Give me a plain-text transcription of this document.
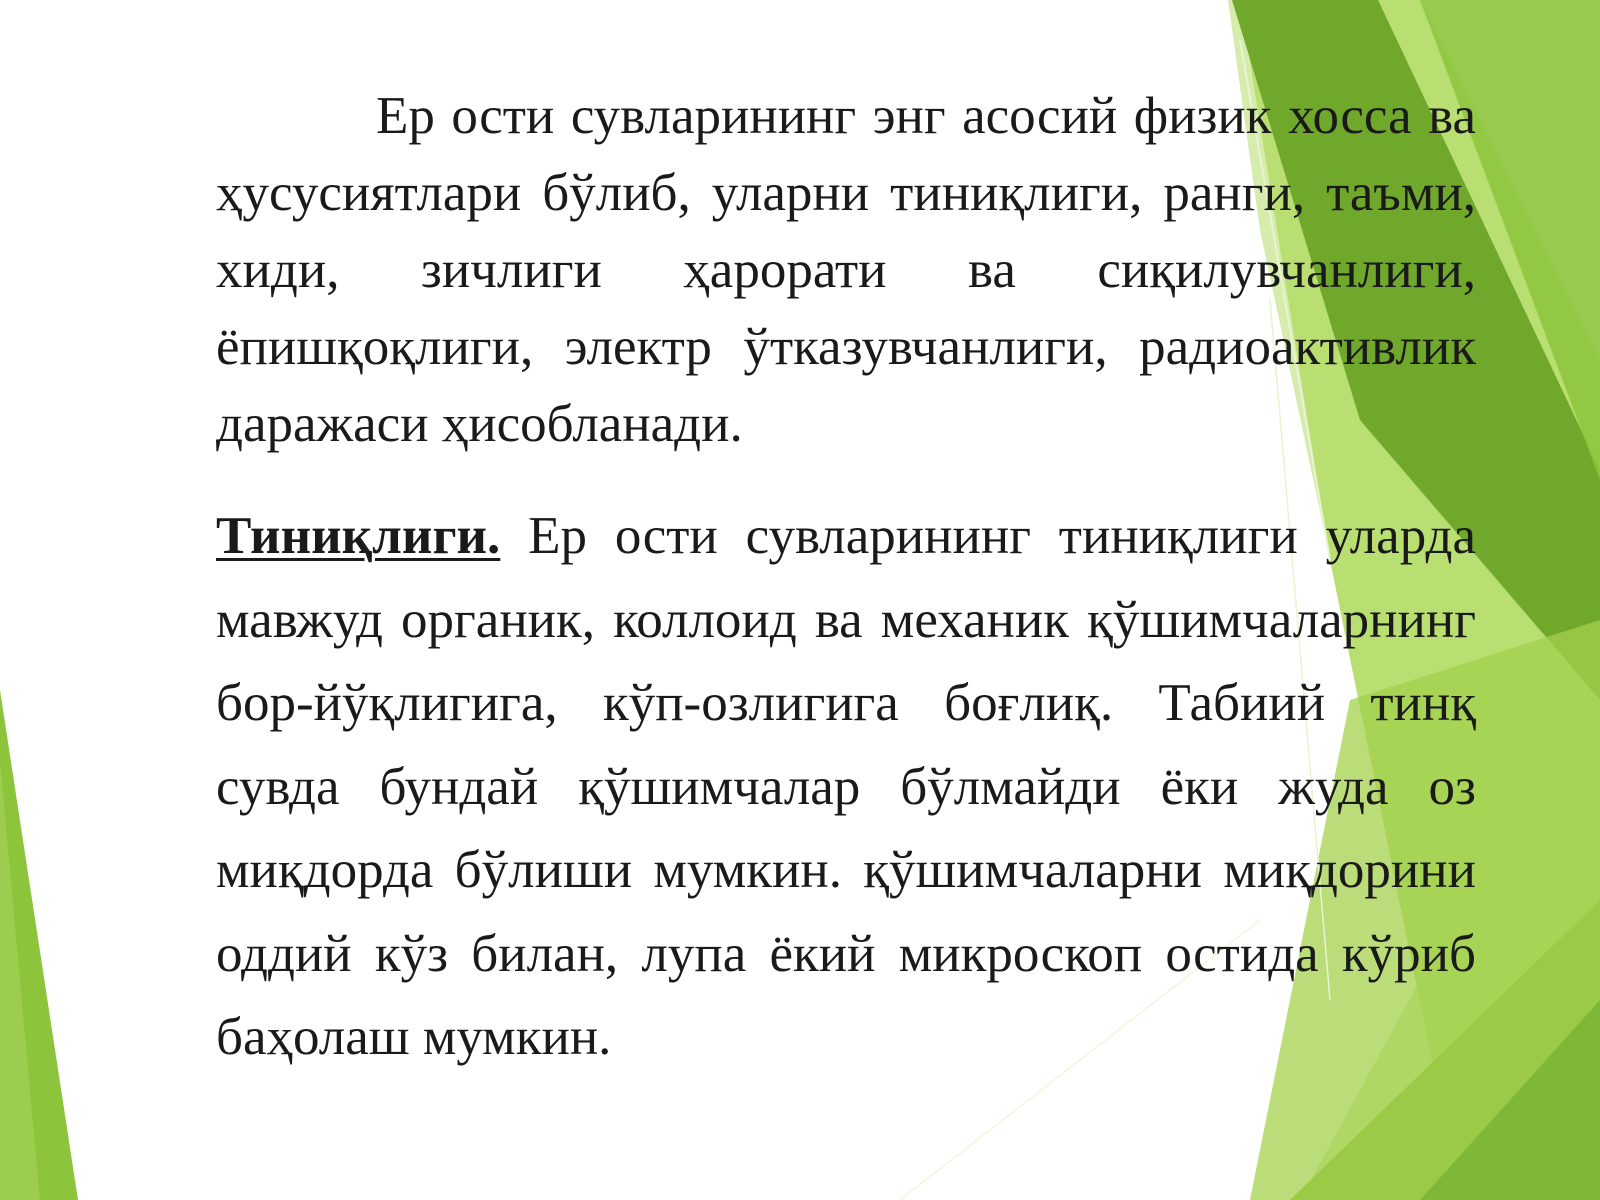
Ер ости сувларининг энг асосий физик хосса ва ҳусусиятлари бўлиб, уларни тиниқлиги, ранги, таъми, хиди, зичлиги ҳарорати ва сиқилувчанлиги, ёпишқоқлиги, электр ўтказувчанлиги, радиоактивлик даражаси ҳисобланади.

Тиниқлиги. Ер ости сувларининг тиниқлиги уларда мавжуд органик, коллоид ва механик қўшимчаларнинг бор-йўқлигига, кўп-озлигига боғлиқ. Табиий тинқ сувда бундай қўшимчалар бўлмайди ёки жуда оз миқдорда бўлиши мумкин. қўшимчаларни миқдорини оддий кўз билан, лупа ёкий микроскоп остида кўриб баҳолаш мумкин.
